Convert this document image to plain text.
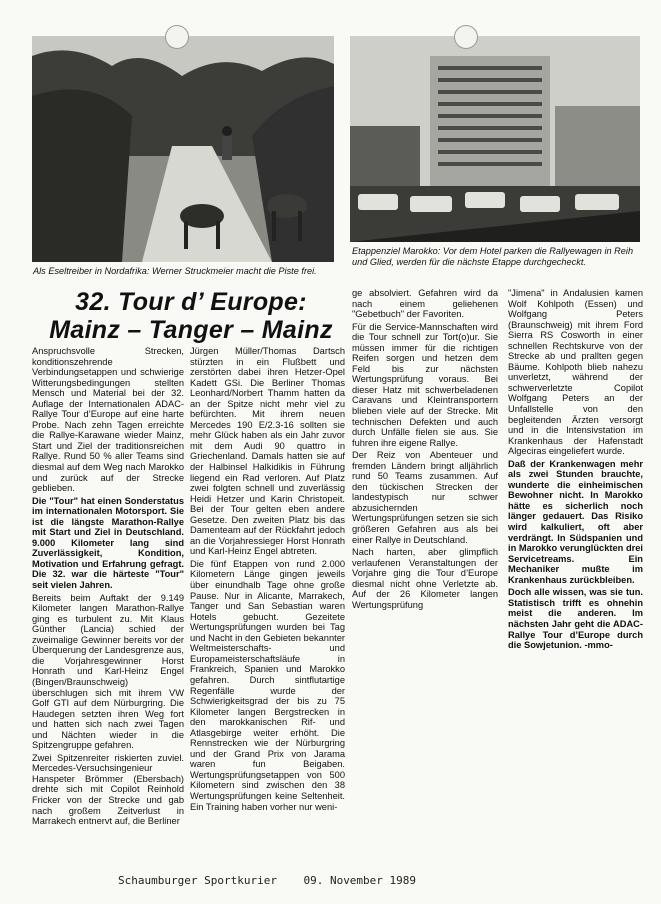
Als Eseltreiber in Nordafrika: Werner Struckmeier macht die Piste frei.
Etappenziel Marokko: Vor dem Hotel parken die Rallyewagen in Reih und Glied, werden für die nächste Etappe durchgecheckt.
32. Tour d’ Europe:
Mainz – Tanger – Mainz

Anspruchsvolle Strecken, konditionszehrende Verbindungsetappen und schwierige Witterungsbedingungen stellten Mensch und Material bei der 32. Auflage der Internationalen ADAC-Rallye Tour d’Europe auf eine harte Probe. Nach zehn Tagen erreichte die Rallye-Karawane wieder Mainz, Start und Ziel der traditionsreichen Rallye. Rund 50 % aller Teams sind diesmal auf dem Weg nach Marokko und zurück auf der Strecke geblieben.

Die "Tour" hat einen Sonderstatus im internationalen Motorsport. Sie ist die längste Marathon-Rallye mit Start und Ziel in Deutschland. 9.000 Kilometer lang sind Zuverlässigkeit, Kondition, Motivation und Erfahrung gefragt. Die 32. war die härteste "Tour" seit vielen Jahren.

Bereits beim Auftakt der 9.149 Kilometer langen Marathon-Rallye ging es turbulent zu. Mit Klaus Günther (Lancia) schied der zweimalige Gewinner bereits vor der Überquerung der Landesgrenze aus, die Vorjahresgewinner Horst Honrath und Karl-Heinz Engel (Bingen/Braunschweig) überschlugen sich mit ihrem VW Golf GTI auf dem Nürburgring. Die Haudegen setzten ihren Weg fort und hatten sich nach zwei Tagen und Nächten wieder in die Spitzengruppe gefahren.

Zwei Spitzenreiter riskierten zuviel. Mercedes-Versuchsingenieur Hanspeter Brömmer (Ebersbach) drehte sich mit Copilot Reinhold Fricker von der Strecke und gab nach großem Zeitverlust in Marrakech entnervt auf, die Berliner

Jürgen Müller/Thomas Dartsch stürzten in ein Flußbett und zerstörten dabei ihren Hetzer-Opel Kadett GSi. Die Berliner Thomas Leonhard/Norbert Thamm hatten da an der Spitze nicht mehr viel zu befürchten. Mit ihrem neuen Mercedes 190 E/2.3-16 sollten sie mehr Glück haben als ein Jahr zuvor mit dem Audi 90 quattro in Griechenland. Damals hatten sie auf der Halbinsel Halkidikis in Führung liegend ein Rad verloren. Auf Platz zwei folgten schnell und zuverlässig Heidi Hetzer und Karin Christopeit. Bei der Tour gelten eben andere Gesetze. Den zweiten Platz bis das Damenteam auf der Rückfahrt jedoch an die Vorjahressieger Horst Honrath und Karl-Heinz Engel abtreten.

Die fünf Etappen von rund 2.000 Kilometern Länge gingen jeweils über einundhalb Tage ohne große Pause. Nur in Alicante, Marrakech, Tanger und San Sebastian waren Hotels gebucht. Gezeitete Wertungsprüfungen wurden bei Tag und Nacht in den Gebieten bekannter Weltmeisterschafts- und Europameisterschaftsläufe in Frankreich, Spanien und Marokko gefahren. Durch sintflutartige Regenfälle wurde der Schwierigkeitsgrad der bis zu 75 Kilometer langen Bergstrecken in den marokkanischen Rif- und Atlasgebirge weiter erhöht. Die Rennstrecken wie der Nürburgring und der Grand Prix von Jarama waren fun Beigaben. Wertungsprüfungsetappen von 500 Kilometern sind zwischen den 38 Wertungsprüfungen keine Seltenheit. Ein Training haben vorher nur weni-

ge absolviert. Gefahren wird da nach einem geliehenen "Gebetbuch" der Favoriten.

Für die Service-Mannschaften wird die Tour schnell zur Tort(o)ur. Sie müssen immer für die richtigen Reifen sorgen und hetzen dem Feld bis zur nächsten Wertungsprüfung voraus. Bei dieser Hatz mit schwerbeladenen Caravans und Kleintransportern blieben viele auf der Strecke. Mit technischen Defekten und auch durch Unfälle fielen sie aus. Sie fuhren ihre eigene Rallye.

Der Reiz von Abenteuer und fremden Ländern bringt alljährlich rund 50 Teams zusammen. Auf den tückischen Strecken der landestypisch nur schwer abzusichernden Wertungsprüfungen setzen sie sich größeren Gefahren aus als bei einer Rallye in Deutschland.

Nach harten, aber glimpflich verlaufenen Veranstaltungen der Vorjahre ging die Tour d’Europe diesmal nicht ohne Verletzte ab. Auf der 26 Kilometer langen Wertungsprüfung

"Jimena" in Andalusien kamen Wolf Kohlpoth (Essen) und Wolfgang Peters (Braunschweig) mit ihrem Ford Sierra RS Cosworth in einer schnellen Rechtskurve von der Strecke ab und prallten gegen Bäume. Kohlpoth blieb nahezu unverletzt, während der schwerverletzte Copilot Wolfgang Peters an der Unfallstelle von den begleitenden Ärzten versorgt und in die Intensivstation im Krankenhaus der Hafenstadt Algeciras eingeliefert wurde.

Daß der Krankenwagen mehr als zwei Stunden brauchte, wunderte die einheimischen Bewohner nicht. In Marokko hätte es sicherlich noch länger gedauert. Das Risiko wird kalkuliert, oft aber verdrängt. In Südspanien und in Marokko verunglückten drei Servicetreams. Ein Mechaniker mußte im Krankenhaus zurückbleiben.

Doch alle wissen, was sie tun. Statistisch trifft es ohnehin meist die anderen. Im nächsten Jahr geht die ADAC-Rallye Tour d’Europe durch die Sowjetunion. -mmo-

Schaumburger Sportkurier 09. November 1989
